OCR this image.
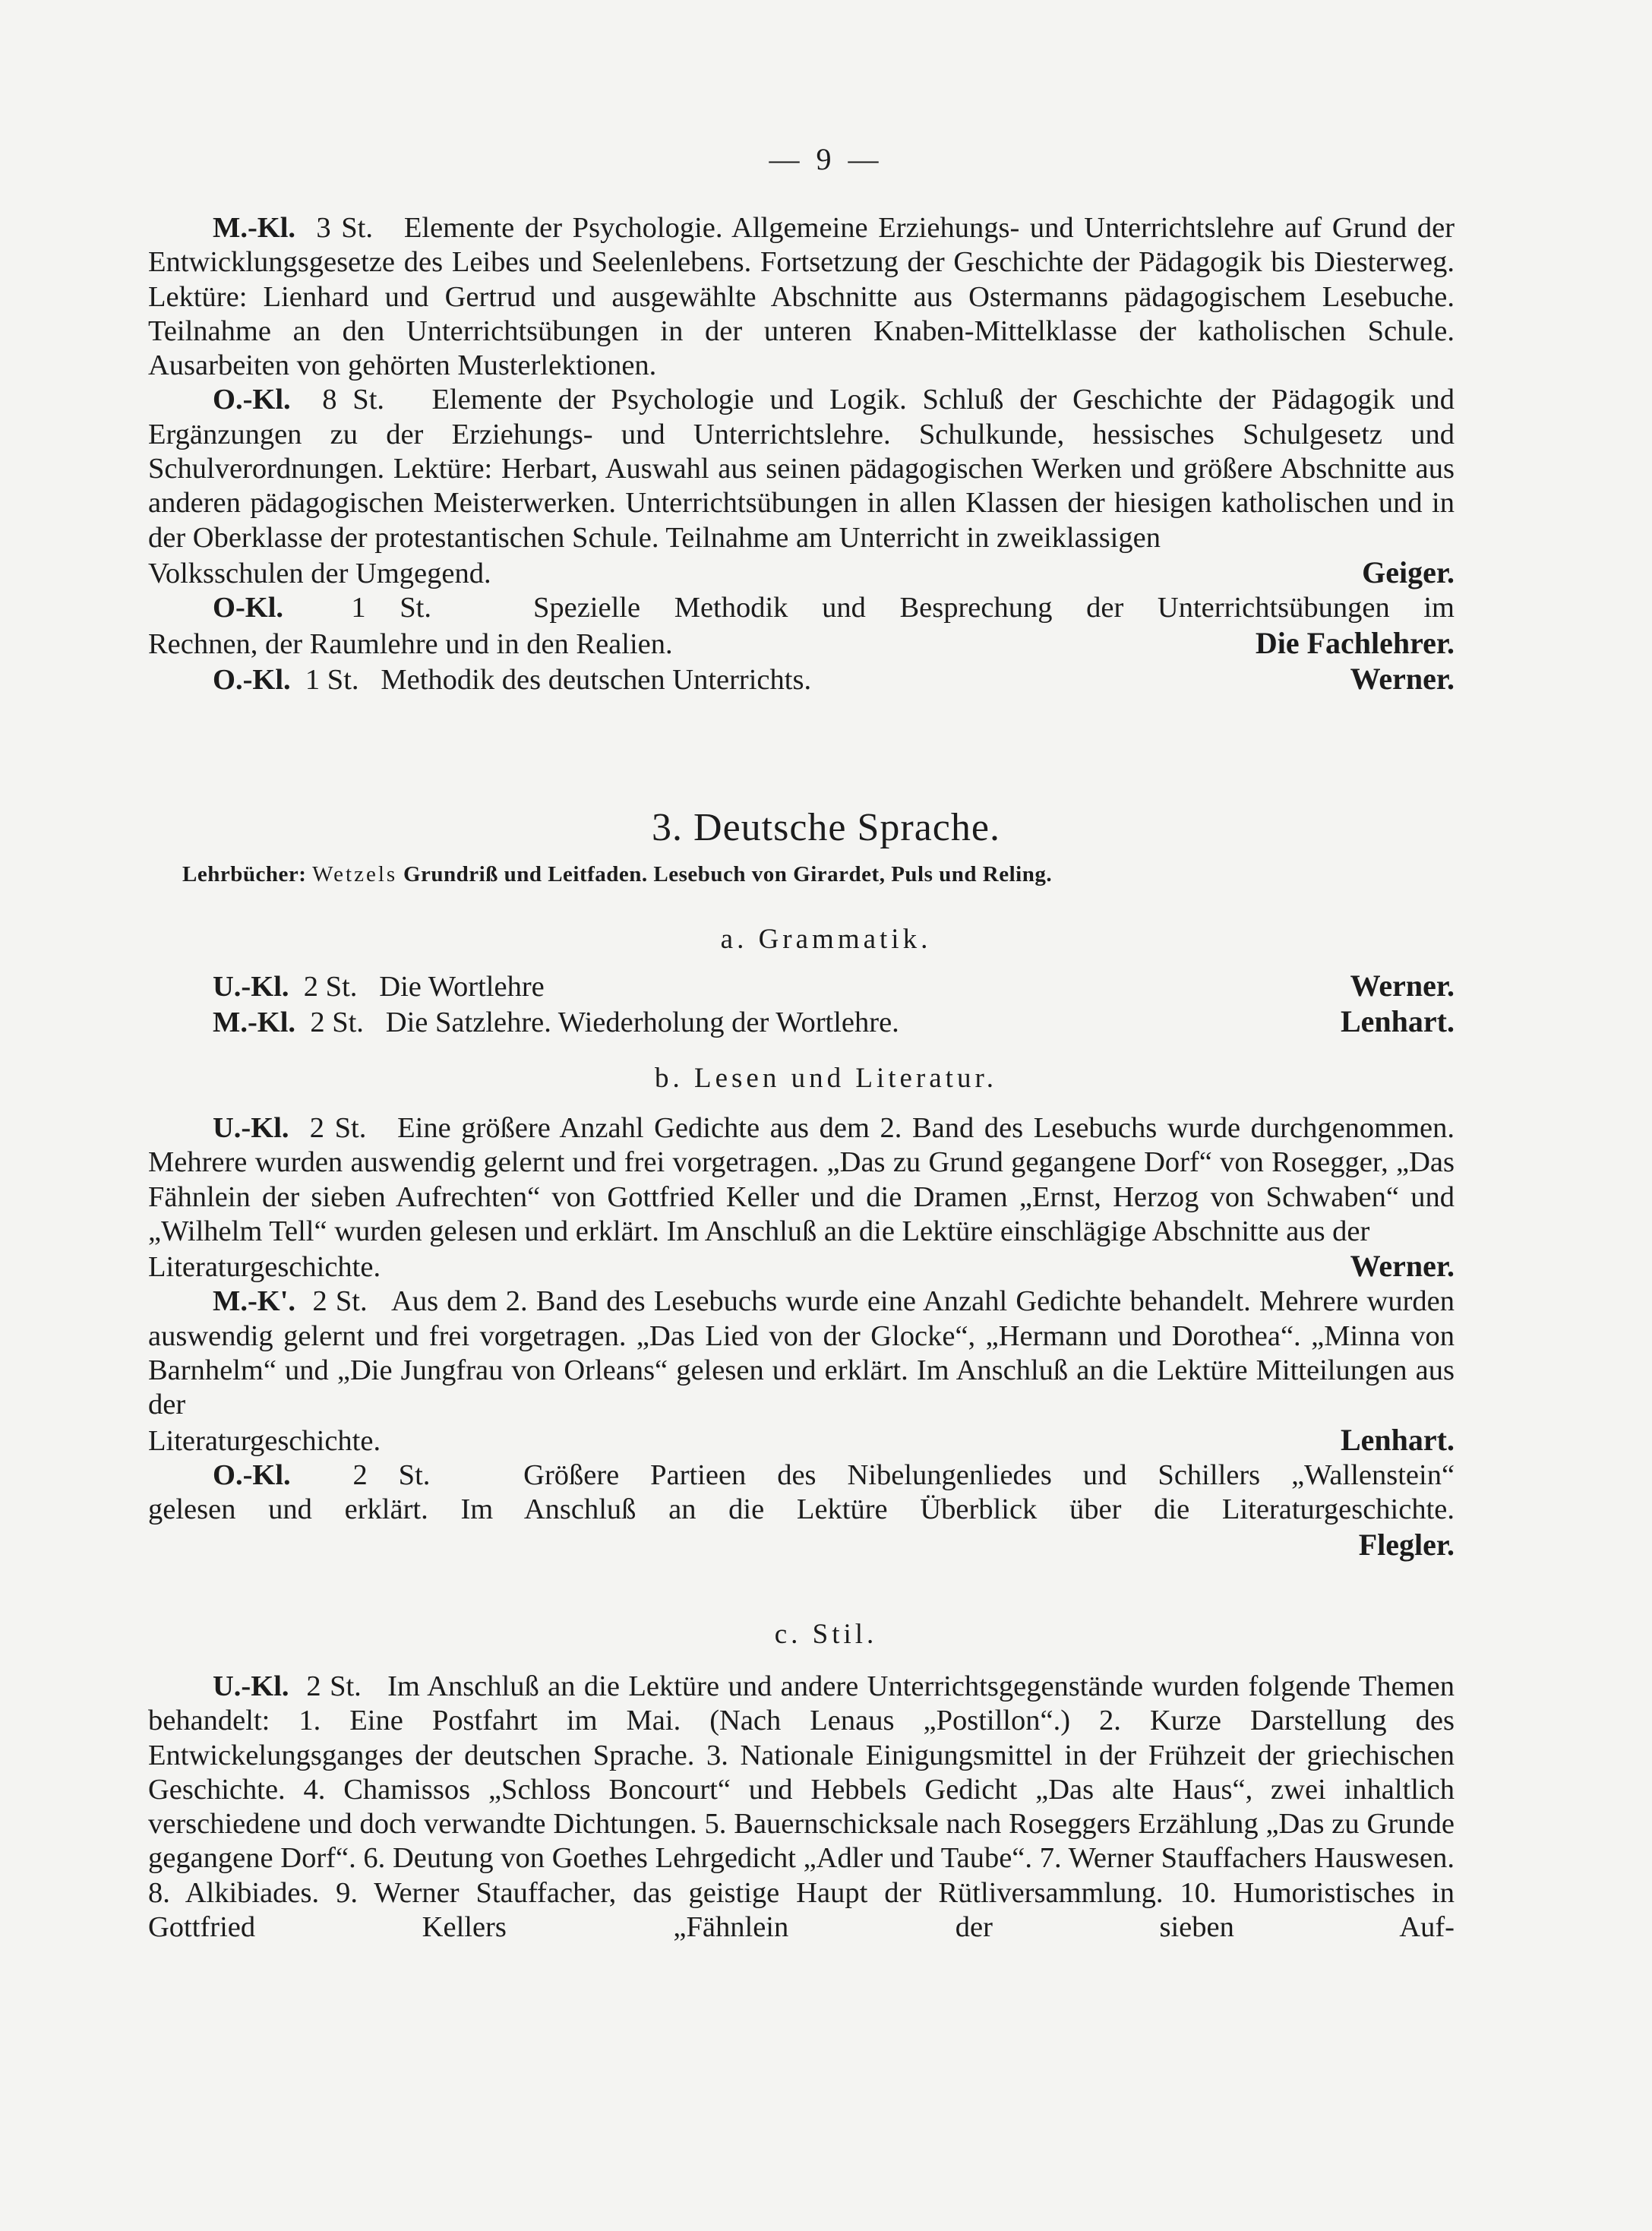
— 9 —

M.-Kl. 3 St. Elemente der Psychologie. Allgemeine Erziehungs- und Unterrichtslehre auf Grund der Entwicklungsgesetze des Leibes und Seelenlebens. Fortsetzung der Geschichte der Pädagogik bis Diesterweg. Lektüre: Lienhard und Gertrud und ausgewählte Abschnitte aus Ostermanns pädagogischem Lesebuche. Teilnahme an den Unterrichtsübungen in der unteren Knaben-Mittelklasse der katholischen Schule. Ausarbeiten von gehörten Musterlektionen.

O.-Kl. 8 St. Elemente der Psychologie und Logik. Schluß der Geschichte der Pädagogik und Ergänzungen zu der Erziehungs- und Unterrichtslehre. Schulkunde, hessisches Schulgesetz und Schulverordnungen. Lektüre: Herbart, Auswahl aus seinen pädagogischen Werken und größere Abschnitte aus anderen pädagogischen Meisterwerken. Unterrichtsübungen in allen Klassen der hiesigen katholischen und in der Oberklasse der protestantischen Schule. Teilnahme am Unterricht in zweiklassigen

Volksschulen der Umgegend.	Geiger.

O-Kl. 1 St.	Spezielle Methodik und Besprechung der Unterrichtsübungen im

Rechnen, der Raumlehre und in den Realien.	Die Fachlehrer.
O.-Kl. 1 St. Methodik des deutschen Unterrichts.	Werner.
3. Deutsche Sprache.
Lehrbücher: Wetzels Grundriß und Leitfaden. Lesebuch von Girardet, Puls und Reling.
a. Grammatik.
U.-Kl. 2 St. Die Wortlehre	Werner.
M.-Kl. 2 St. Die Satzlehre. Wiederholung der Wortlehre.	Lenhart.
b. Lesen und Literatur.

U.-Kl. 2 St. Eine größere Anzahl Gedichte aus dem 2. Band des Lesebuchs wurde durchgenommen. Mehrere wurden auswendig gelernt und frei vorgetragen. „Das zu Grund gegangene Dorf“ von Rosegger, „Das Fähnlein der sieben Aufrechten“ von Gottfried Keller und die Dramen „Ernst, Herzog von Schwaben“ und „Wilhelm Tell“ wurden gelesen und erklärt. Im Anschluß an die Lektüre einschlägige Abschnitte aus der

Literaturgeschichte.	Werner.

M.-K'. 2 St. Aus dem 2. Band des Lesebuchs wurde eine Anzahl Gedichte behandelt. Mehrere wurden auswendig gelernt und frei vorgetragen. „Das Lied von der Glocke“, „Hermann und Dorothea“. „Minna von Barnhelm“ und „Die Jungfrau von Orleans“ gelesen und erklärt. Im Anschluß an die Lektüre Mitteilungen aus der

Literaturgeschichte.	Lenhart.

O.-Kl. 2 St.	Größere Partieen des Nibelungenliedes und Schillers „Wallenstein“

gelesen und erklärt. Im Anschluß an die Lektüre Überblick über die Literaturgeschichte.

Flegler.
c. Stil.

U.-Kl. 2 St. Im Anschluß an die Lektüre und andere Unterrichtsgegenstände wurden folgende Themen behandelt: 1. Eine Postfahrt im Mai. (Nach Lenaus „Postillon“.) 2. Kurze Darstellung des Entwickelungsganges der deutschen Sprache. 3. Nationale Einigungsmittel in der Frühzeit der griechischen Geschichte. 4. Chamissos „Schloss Boncourt“ und Hebbels Gedicht „Das alte Haus“, zwei inhaltlich verschiedene und doch verwandte Dichtungen. 5. Bauernschicksale nach Roseggers Erzählung „Das zu Grunde gegangene Dorf“. 6. Deutung von Goethes Lehrgedicht „Adler und Taube“. 7. Werner Stauffachers Hauswesen. 8. Alkibiades. 9. Werner Stauffacher, das geistige Haupt der Rütliversammlung. 10. Humoristisches in Gottfried Kellers „Fähnlein der sieben Auf-
